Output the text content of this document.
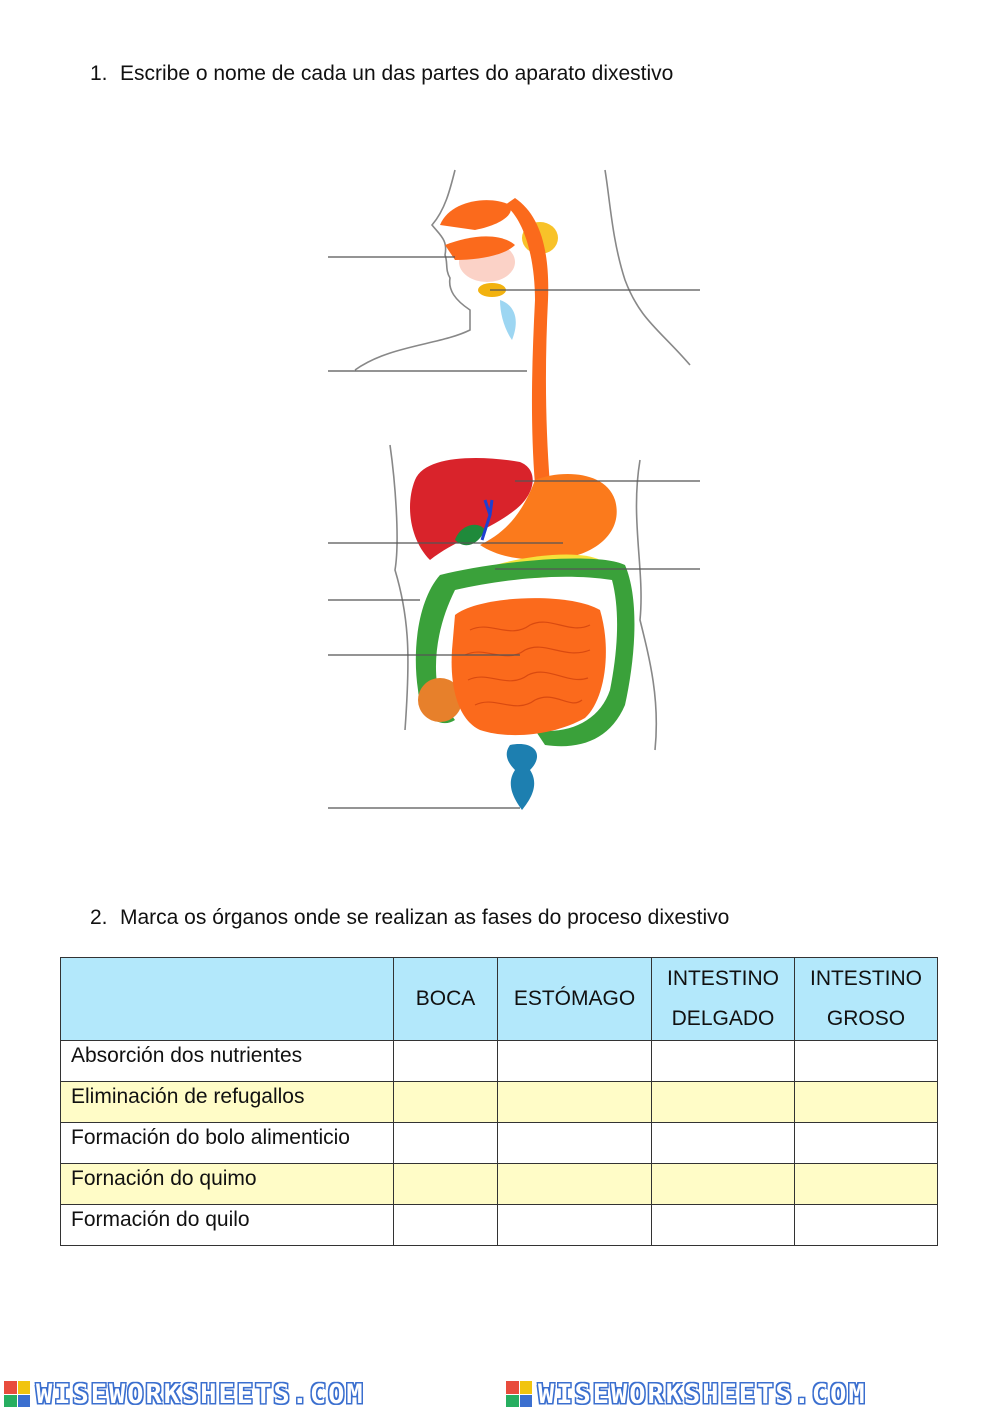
1. Escribe o nome de cada un das partes do aparato dixestivo
2. Marca os órganos onde se realizan as fases do proceso dixestivo
	BOCA	ESTÓMAGO	INTESTINO DELGADO	INTESTINO GROSO
Absorción dos nutrientes				
Eliminación de refugallos				
Formación do bolo alimenticio				
Fornación do quimo				
Formación do quilo				
WISEWORKSHEETS.COM	WISEWORKSHEETS.COM
